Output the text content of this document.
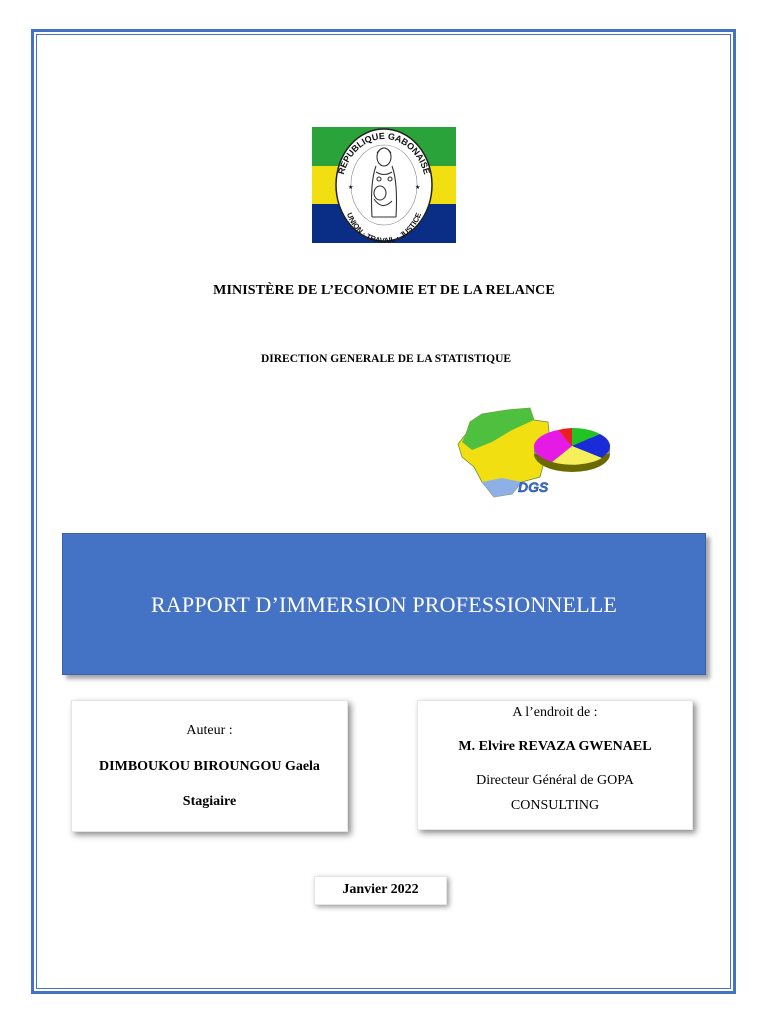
RÉPUBLIQUE GABONAISE
UNION · TRAVAIL · JUSTICE
★	★
MINISTÈRE DE L’ECONOMIE ET DE LA RELANCE
DIRECTION GENERALE DE LA STATISTIQUE
DGS
RAPPORT D’IMMERSION PROFESSIONNELLE
Auteur :
DIMBOUKOU BIROUNGOU Gaela
Stagiaire
A l’endroit de :
M. Elvire REVAZA GWENAEL
Directeur Général de GOPA
CONSULTING
Janvier 2022
